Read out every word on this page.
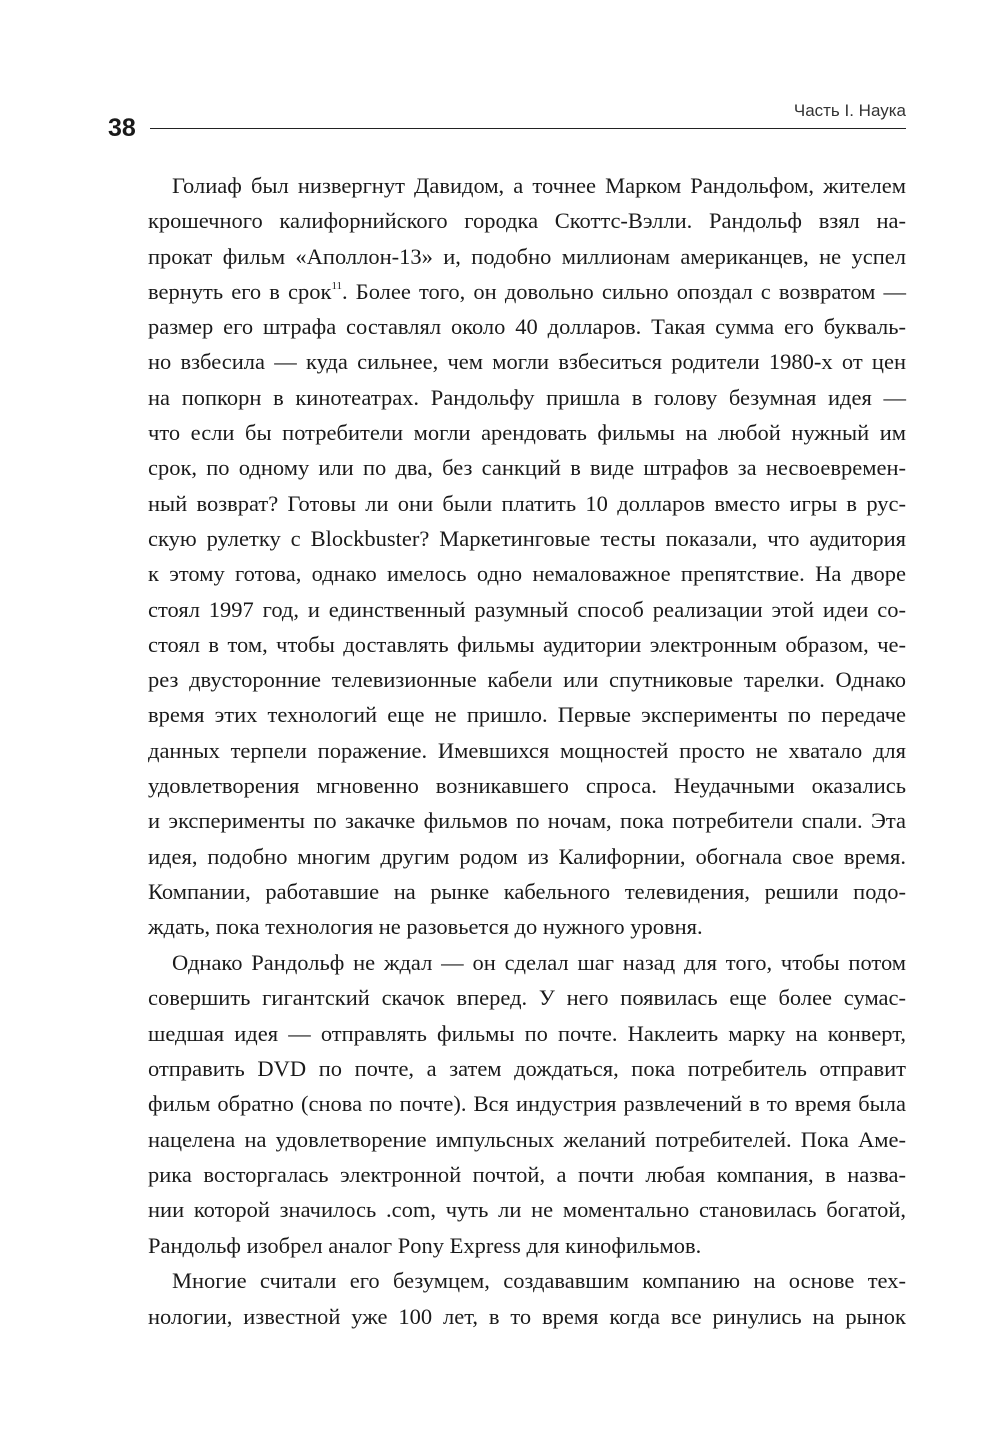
38
Часть I. Наука

Голиаф был низвергнут Давидом, а точнее Марком Рандольфом, жителем
крошечного калифорнийского городка Скоттс-Вэлли. Рандольф взял на-
прокат фильм «Аполлон-13» и, подобно миллионам американцев, не успел
вернуть его в срок$^{11}$. Более того, он довольно сильно опоздал с возвратом —
размер его штрафа составлял около 40 долларов. Такая сумма его букваль-
но взбесила — куда сильнее, чем могли взбеситься родители 1980-х от цен
на попкорн в кинотеатрах. Рандольфу пришла в голову безумная идея —
что если бы потребители могли арендовать фильмы на любой нужный им
срок, по одному или по два, без санкций в виде штрафов за несвоевремен-
ный возврат? Готовы ли они были платить 10 долларов вместо игры в рус-
скую рулетку с Blockbuster? Маркетинговые тесты показали, что аудитория
к этому готова, однако имелось одно немаловажное препятствие. На дворе
стоял 1997 год, и единственный разумный способ реализации этой идеи со-
стоял в том, чтобы доставлять фильмы аудитории электронным образом, че-
рез двусторонние телевизионные кабели или спутниковые тарелки. Однако
время этих технологий еще не пришло. Первые эксперименты по передаче
данных терпели поражение. Имевшихся мощностей просто не хватало для
удовлетворения мгновенно возникавшего спроса. Неудачными оказались
и эксперименты по закачке фильмов по ночам, пока потребители спали. Эта
идея, подобно многим другим родом из Калифорнии, обогнала свое время.
Компании, работавшие на рынке кабельного телевидения, решили подо-
ждать, пока технология не разовьется до нужного уровня.

Однако Рандольф не ждал — он сделал шаг назад для того, чтобы потом
совершить гигантский скачок вперед. У него появилась еще более сумас-
шедшая идея — отправлять фильмы по почте. Наклеить марку на конверт,
отправить DVD по почте, а затем дождаться, пока потребитель отправит
фильм обратно (снова по почте). Вся индустрия развлечений в то время была
нацелена на удовлетворение импульсных желаний потребителей. Пока Аме-
рика восторгалась электронной почтой, а почти любая компания, в назва-
нии которой значилось .com, чуть ли не моментально становилась богатой,
Рандольф изобрел аналог Pony Express для кинофильмов.

Многие считали его безумцем, создававшим компанию на основе тех-
нологии, известной уже 100 лет, в то время когда все ринулись на рынок
